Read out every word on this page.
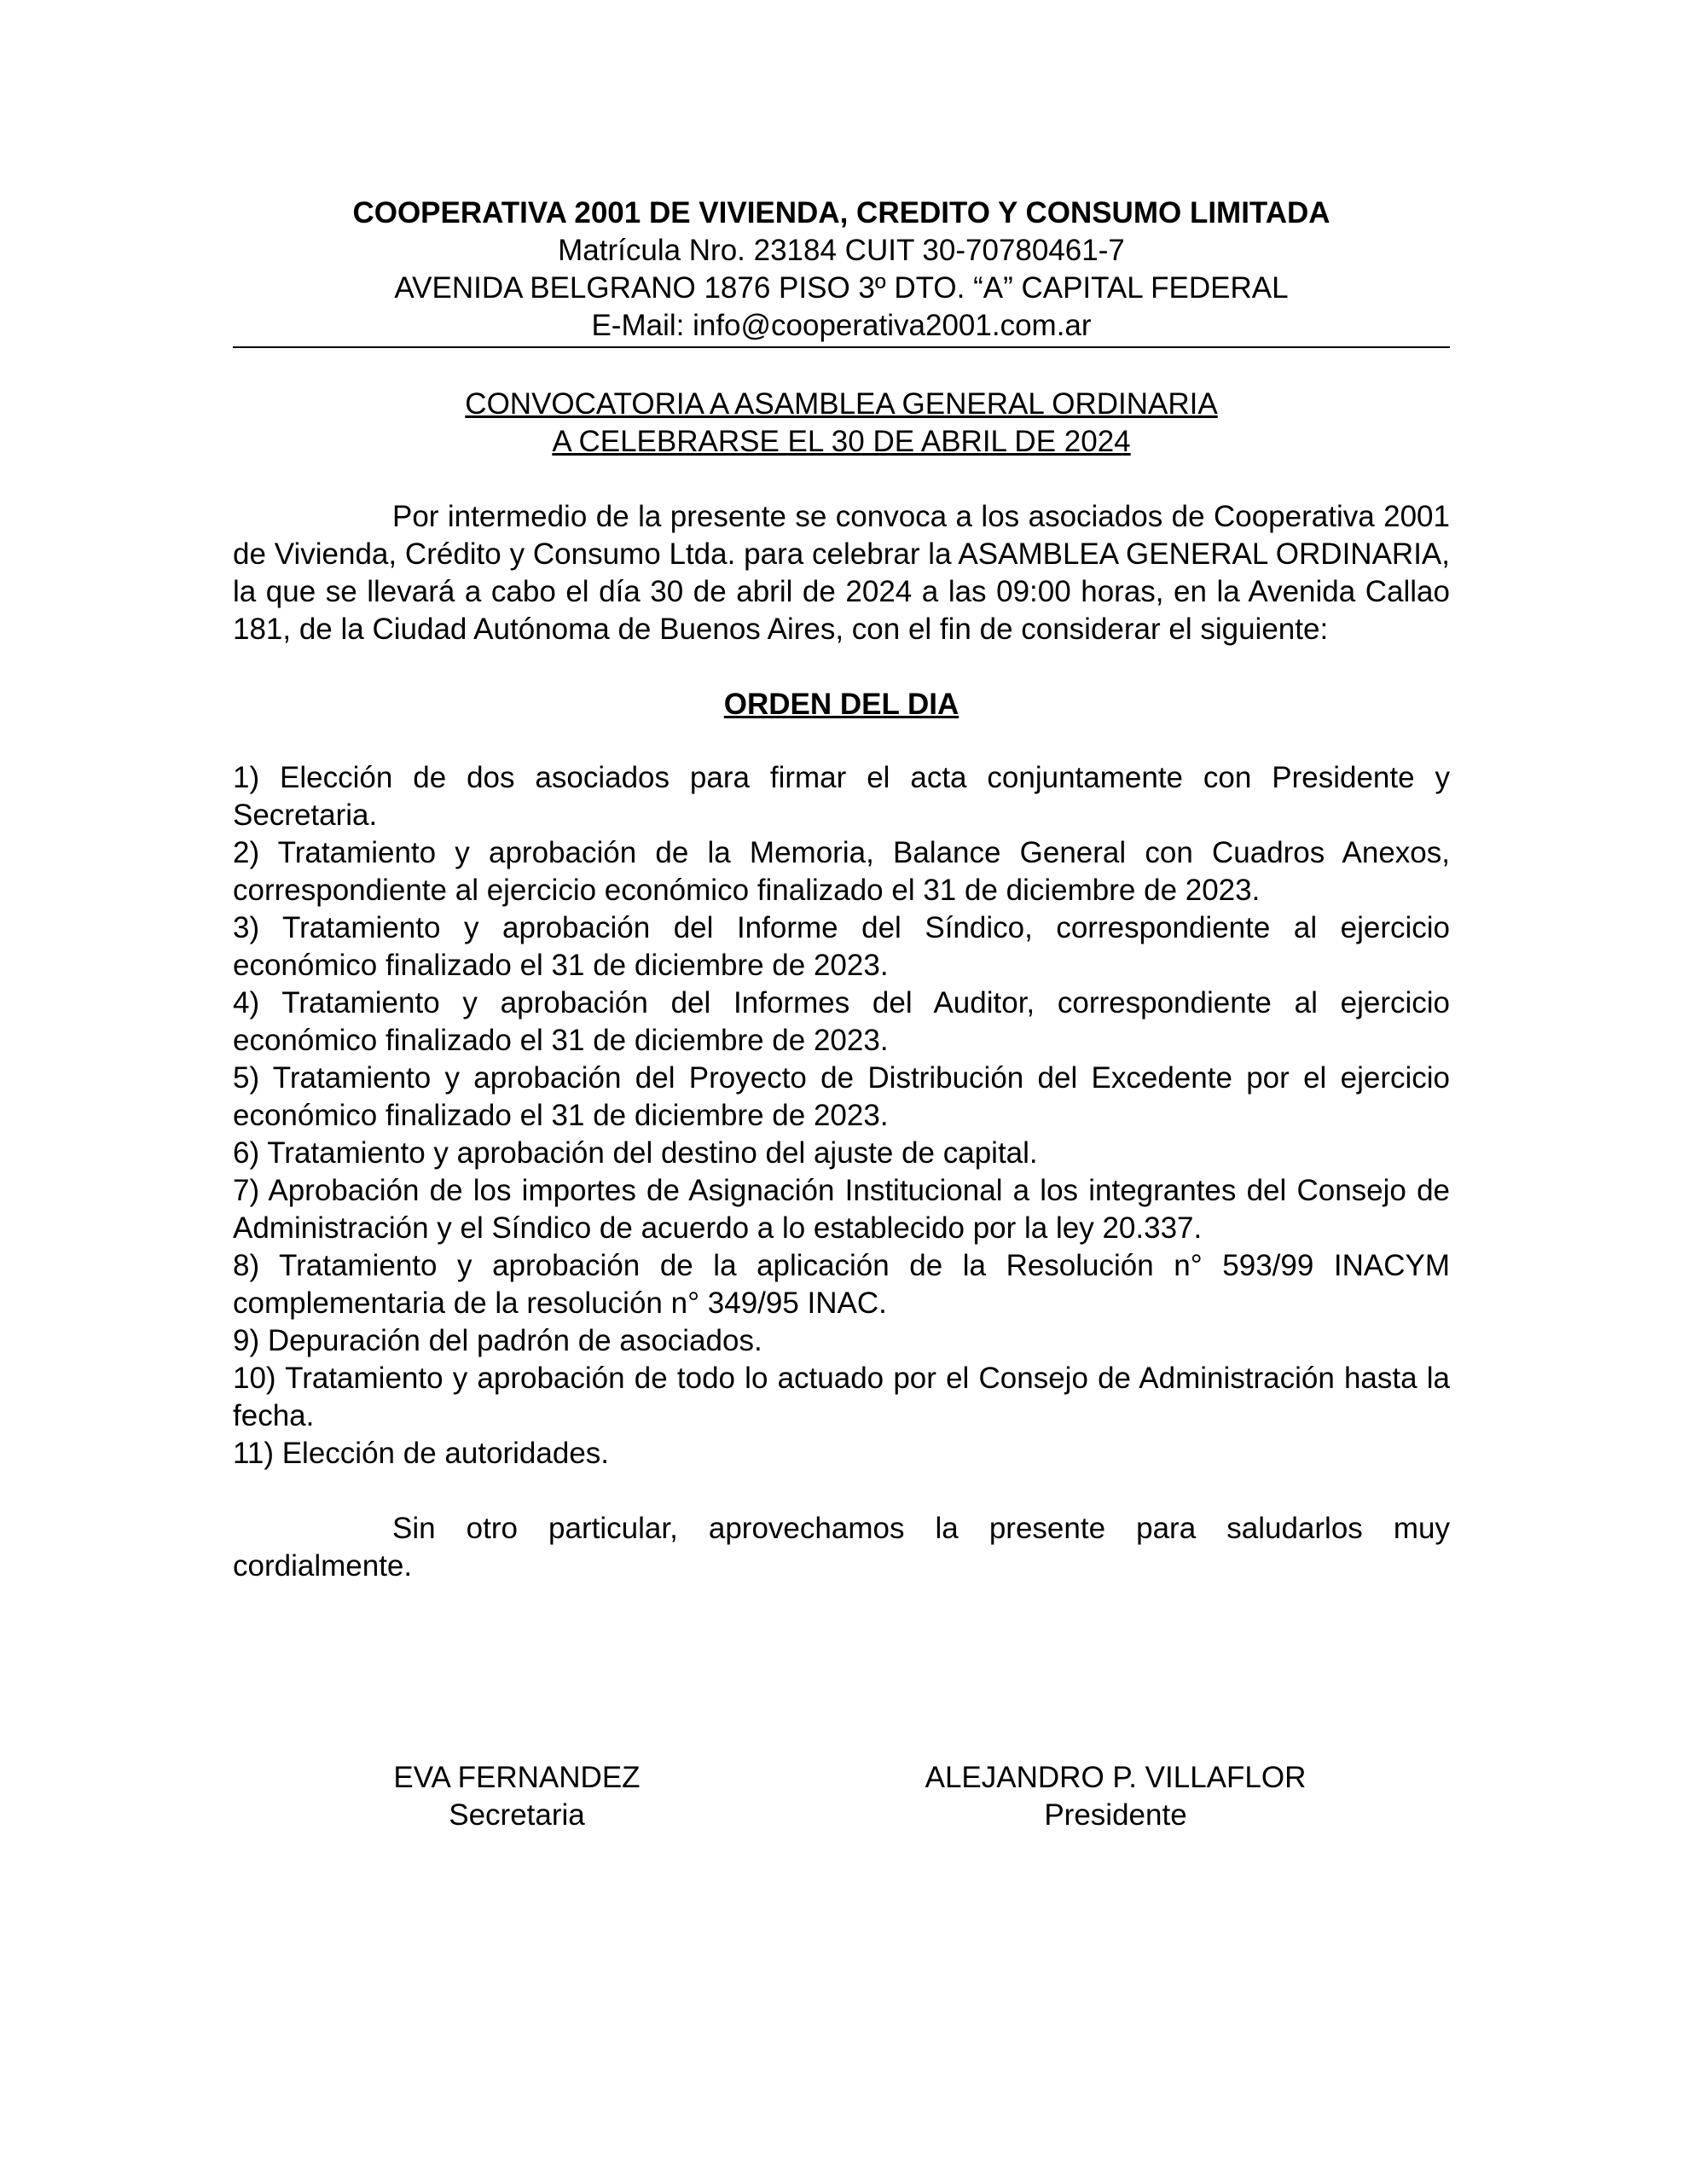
COOPERATIVA 2001 DE VIVIENDA, CREDITO Y CONSUMO LIMITADA
Matrícula Nro. 23184 CUIT 30-70780461-7
AVENIDA BELGRANO 1876 PISO 3º DTO. “A” CAPITAL FEDERAL
E-Mail: info@cooperativa2001.com.ar
CONVOCATORIA A ASAMBLEA GENERAL ORDINARIA
A CELEBRARSE EL 30 DE ABRIL DE 2024

Por intermedio de la presente se convoca a los asociados de Cooperativa 2001 de Vivienda, Crédito y Consumo Ltda. para celebrar la ASAMBLEA GENERAL ORDINARIA, la que se llevará a cabo el día 30 de abril de 2024 a las 09:00 horas, en la Avenida Callao 181, de la Ciudad Autónoma de Buenos Aires, con el fin de considerar el siguiente:

ORDEN DEL DIA
1) Elección de dos asociados para firmar el acta conjuntamente con Presidente y Secretaria.
2) Tratamiento y aprobación de la Memoria, Balance General con Cuadros Anexos, correspondiente al ejercicio económico finalizado el 31 de diciembre de 2023.
3) Tratamiento y aprobación del Informe del Síndico, correspondiente al ejercicio económico finalizado el 31 de diciembre de 2023.
4) Tratamiento y aprobación del Informes del Auditor, correspondiente al ejercicio económico finalizado el 31 de diciembre de 2023.
5) Tratamiento y aprobación del Proyecto de Distribución del Excedente por el ejercicio económico finalizado el 31 de diciembre de 2023.
6) Tratamiento y aprobación del destino del ajuste de capital.
7) Aprobación de los importes de Asignación Institucional a los integrantes del Consejo de Administración y el Síndico de acuerdo a lo establecido por la ley 20.337.
8) Tratamiento y aprobación de la aplicación de la Resolución n° 593/99 INACYM complementaria de la resolución n° 349/95 INAC.
9) Depuración del padrón de asociados.
10) Tratamiento y aprobación de todo lo actuado por el Consejo de Administración hasta la fecha.
11) Elección de autoridades.

Sin otro particular, aprovechamos la presente para saludarlos muy cordialmente.

EVA FERNANDEZ
Secretaria
ALEJANDRO P. VILLAFLOR
Presidente
